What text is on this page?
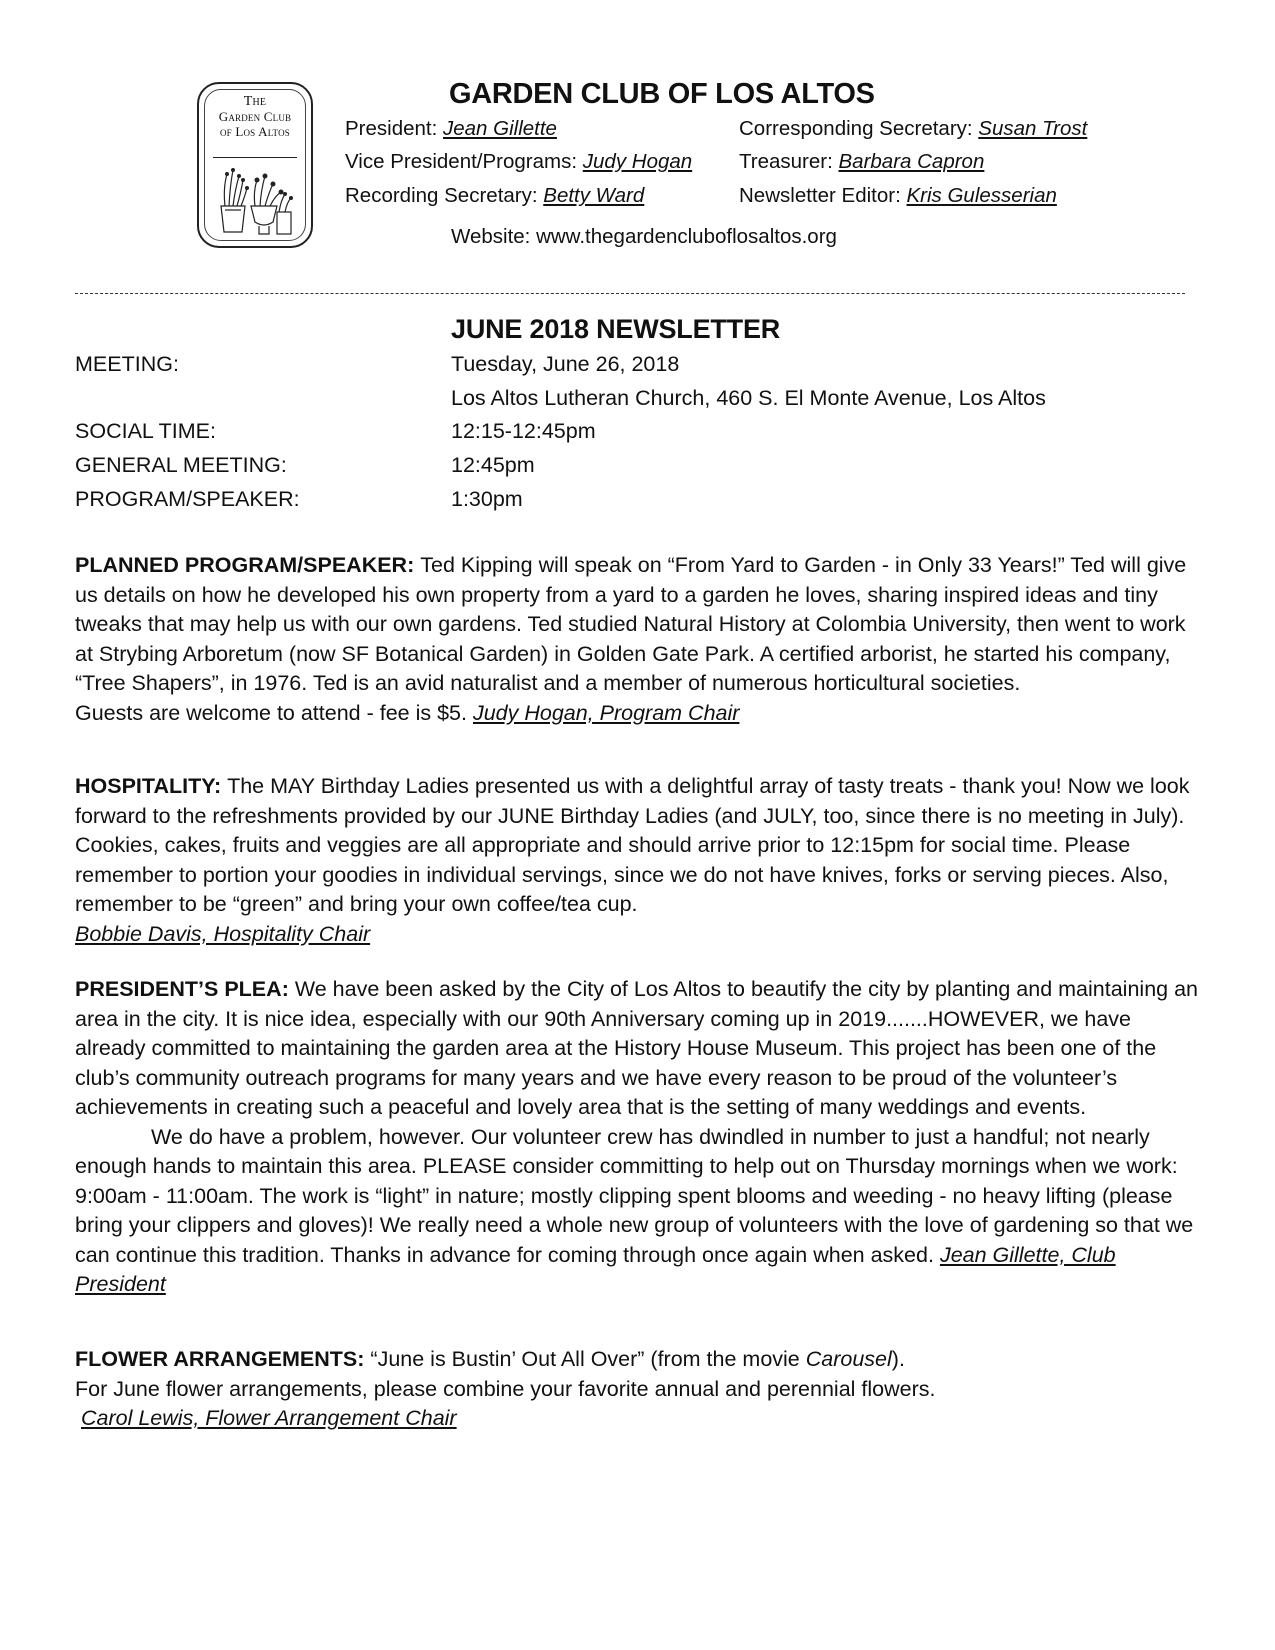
The
Garden Club
of Los Altos
GARDEN CLUB OF LOS ALTOS
President: Jean Gillette
Vice President/Programs: Judy Hogan
Recording Secretary: Betty Ward
Corresponding Secretary: Susan Trost
Treasurer: Barbara Capron
Newsletter Editor: Kris Gulesserian
Website: www.thegardencluboflosaltos.org
JUNE 2018 NEWSLETTER
MEETING:	Tuesday, June 26, 2018
Los Altos Lutheran Church, 460 S. El Monte Avenue, Los Altos
SOCIAL TIME:	12:15-12:45pm
GENERAL MEETING:	12:45pm
PROGRAM/SPEAKER:	1:30pm

PLANNED PROGRAM/SPEAKER: Ted Kipping will speak on “From Yard to Garden - in Only 33 Years!” Ted will give us details on how he developed his own property from a yard to a garden he loves, sharing inspired ideas and tiny tweaks that may help us with our own gardens. Ted studied Natural History at Colombia University, then went to work at Strybing Arboretum (now SF Botanical Garden) in Golden Gate Park. A certified arborist, he started his company, “Tree Shapers”, in 1976. Ted is an avid naturalist and a member of numerous horticultural societies.

Guests are welcome to attend - fee is $5. Judy Hogan, Program Chair

HOSPITALITY: The MAY Birthday Ladies presented us with a delightful array of tasty treats - thank you! Now we look forward to the refreshments provided by our JUNE Birthday Ladies (and JULY, too, since there is no meeting in July). Cookies, cakes, fruits and veggies are all appropriate and should arrive prior to 12:15pm for social time. Please remember to portion your goodies in individual servings, since we do not have knives, forks or serving pieces. Also, remember to be “green” and bring your own coffee/tea cup.

Bobbie Davis, Hospitality Chair

PRESIDENT’S PLEA: We have been asked by the City of Los Altos to beautify the city by planting and maintaining an area in the city. It is nice idea, especially with our 90th Anniversary coming up in 2019.......HOWEVER, we have already committed to maintaining the garden area at the History House Museum. This project has been one of the club’s community outreach programs for many years and we have every reason to be proud of the volunteer’s achievements in creating such a peaceful and lovely area that is the setting of many weddings and events.

We do have a problem, however. Our volunteer crew has dwindled in number to just a handful; not nearly enough hands to maintain this area. PLEASE consider committing to help out on Thursday mornings when we work: 9:00am - 11:00am. The work is “light” in nature; mostly clipping spent blooms and weeding - no heavy lifting (please bring your clippers and gloves)! We really need a whole new group of volunteers with the love of gardening so that we can continue this tradition. Thanks in advance for coming through once again when asked. Jean Gillette, Club President

FLOWER ARRANGEMENTS: “June is Bustin’ Out All Over” (from the movie Carousel).

For June flower arrangements, please combine your favorite annual and perennial flowers.

Carol Lewis, Flower Arrangement Chair
